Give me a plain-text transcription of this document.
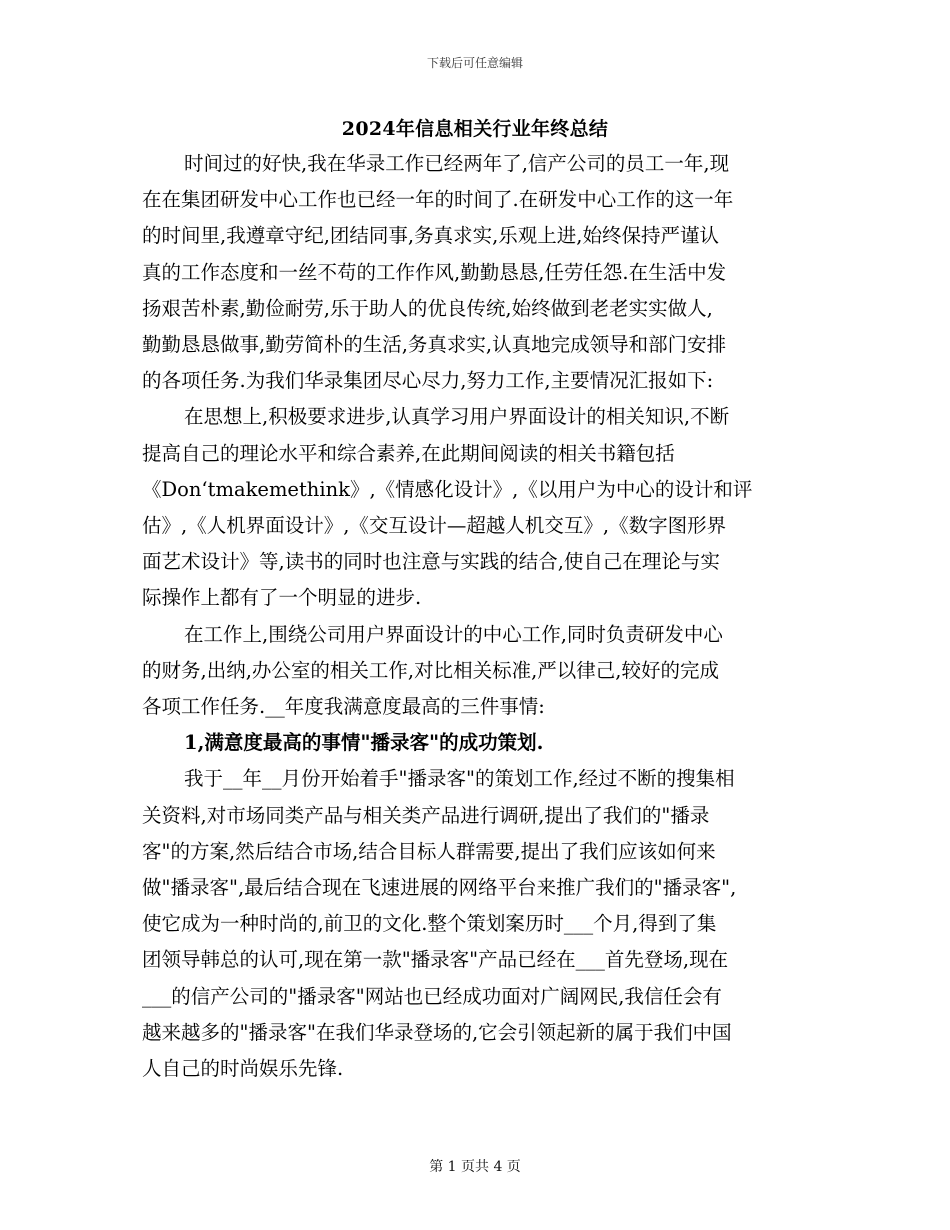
下载后可任意编辑
2024年信息相关行业年终总结
时间过的好快,我在华录工作已经两年了,信产公司的员工一年,现
在在集团研发中心工作也已经一年的时间了.在研发中心工作的这一年
的时间里,我遵章守纪,团结同事,务真求实,乐观上进,始终保持严谨认
真的工作态度和一丝不苟的工作作风,勤勤恳恳,任劳任怨.在生活中发
扬艰苦朴素,勤俭耐劳,乐于助人的优良传统,始终做到老老实实做人,
勤勤恳恳做事,勤劳简朴的生活,务真求实,认真地完成领导和部门安排
的各项任务.为我们华录集团尽心尽力,努力工作,主要情况汇报如下:
在思想上,积极要求进步,认真学习用户界面设计的相关知识,不断
提高自己的理论水平和综合素养,在此期间阅读的相关书籍包括
《Don‘tmakemethink》,《情感化设计》,《以用户为中心的设计和评
估》,《人机界面设计》,《交互设计—超越人机交互》,《数字图形界
面艺术设计》等,读书的同时也注意与实践的结合,使自己在理论与实
际操作上都有了一个明显的进步.
在工作上,围绕公司用户界面设计的中心工作,同时负责研发中心
的财务,出纳,办公室的相关工作,对比相关标准,严以律己,较好的完成
各项工作任务.__年度我满意度最高的三件事情:
1,满意度最高的事情"播录客"的成功策划.
我于__年__月份开始着手"播录客"的策划工作,经过不断的搜集相
关资料,对市场同类产品与相关类产品进行调研,提出了我们的"播录
客"的方案,然后结合市场,结合目标人群需要,提出了我们应该如何来
做"播录客",最后结合现在飞速进展的网络平台来推广我们的"播录客",
使它成为一种时尚的,前卫的文化.整个策划案历时___个月,得到了集
团领导韩总的认可,现在第一款"播录客"产品已经在___首先登场,现在
___的信产公司的"播录客"网站也已经成功面对广阔网民,我信任会有
越来越多的"播录客"在我们华录登场的,它会引领起新的属于我们中国
人自己的时尚娱乐先锋.
第 1 页共 4 页
